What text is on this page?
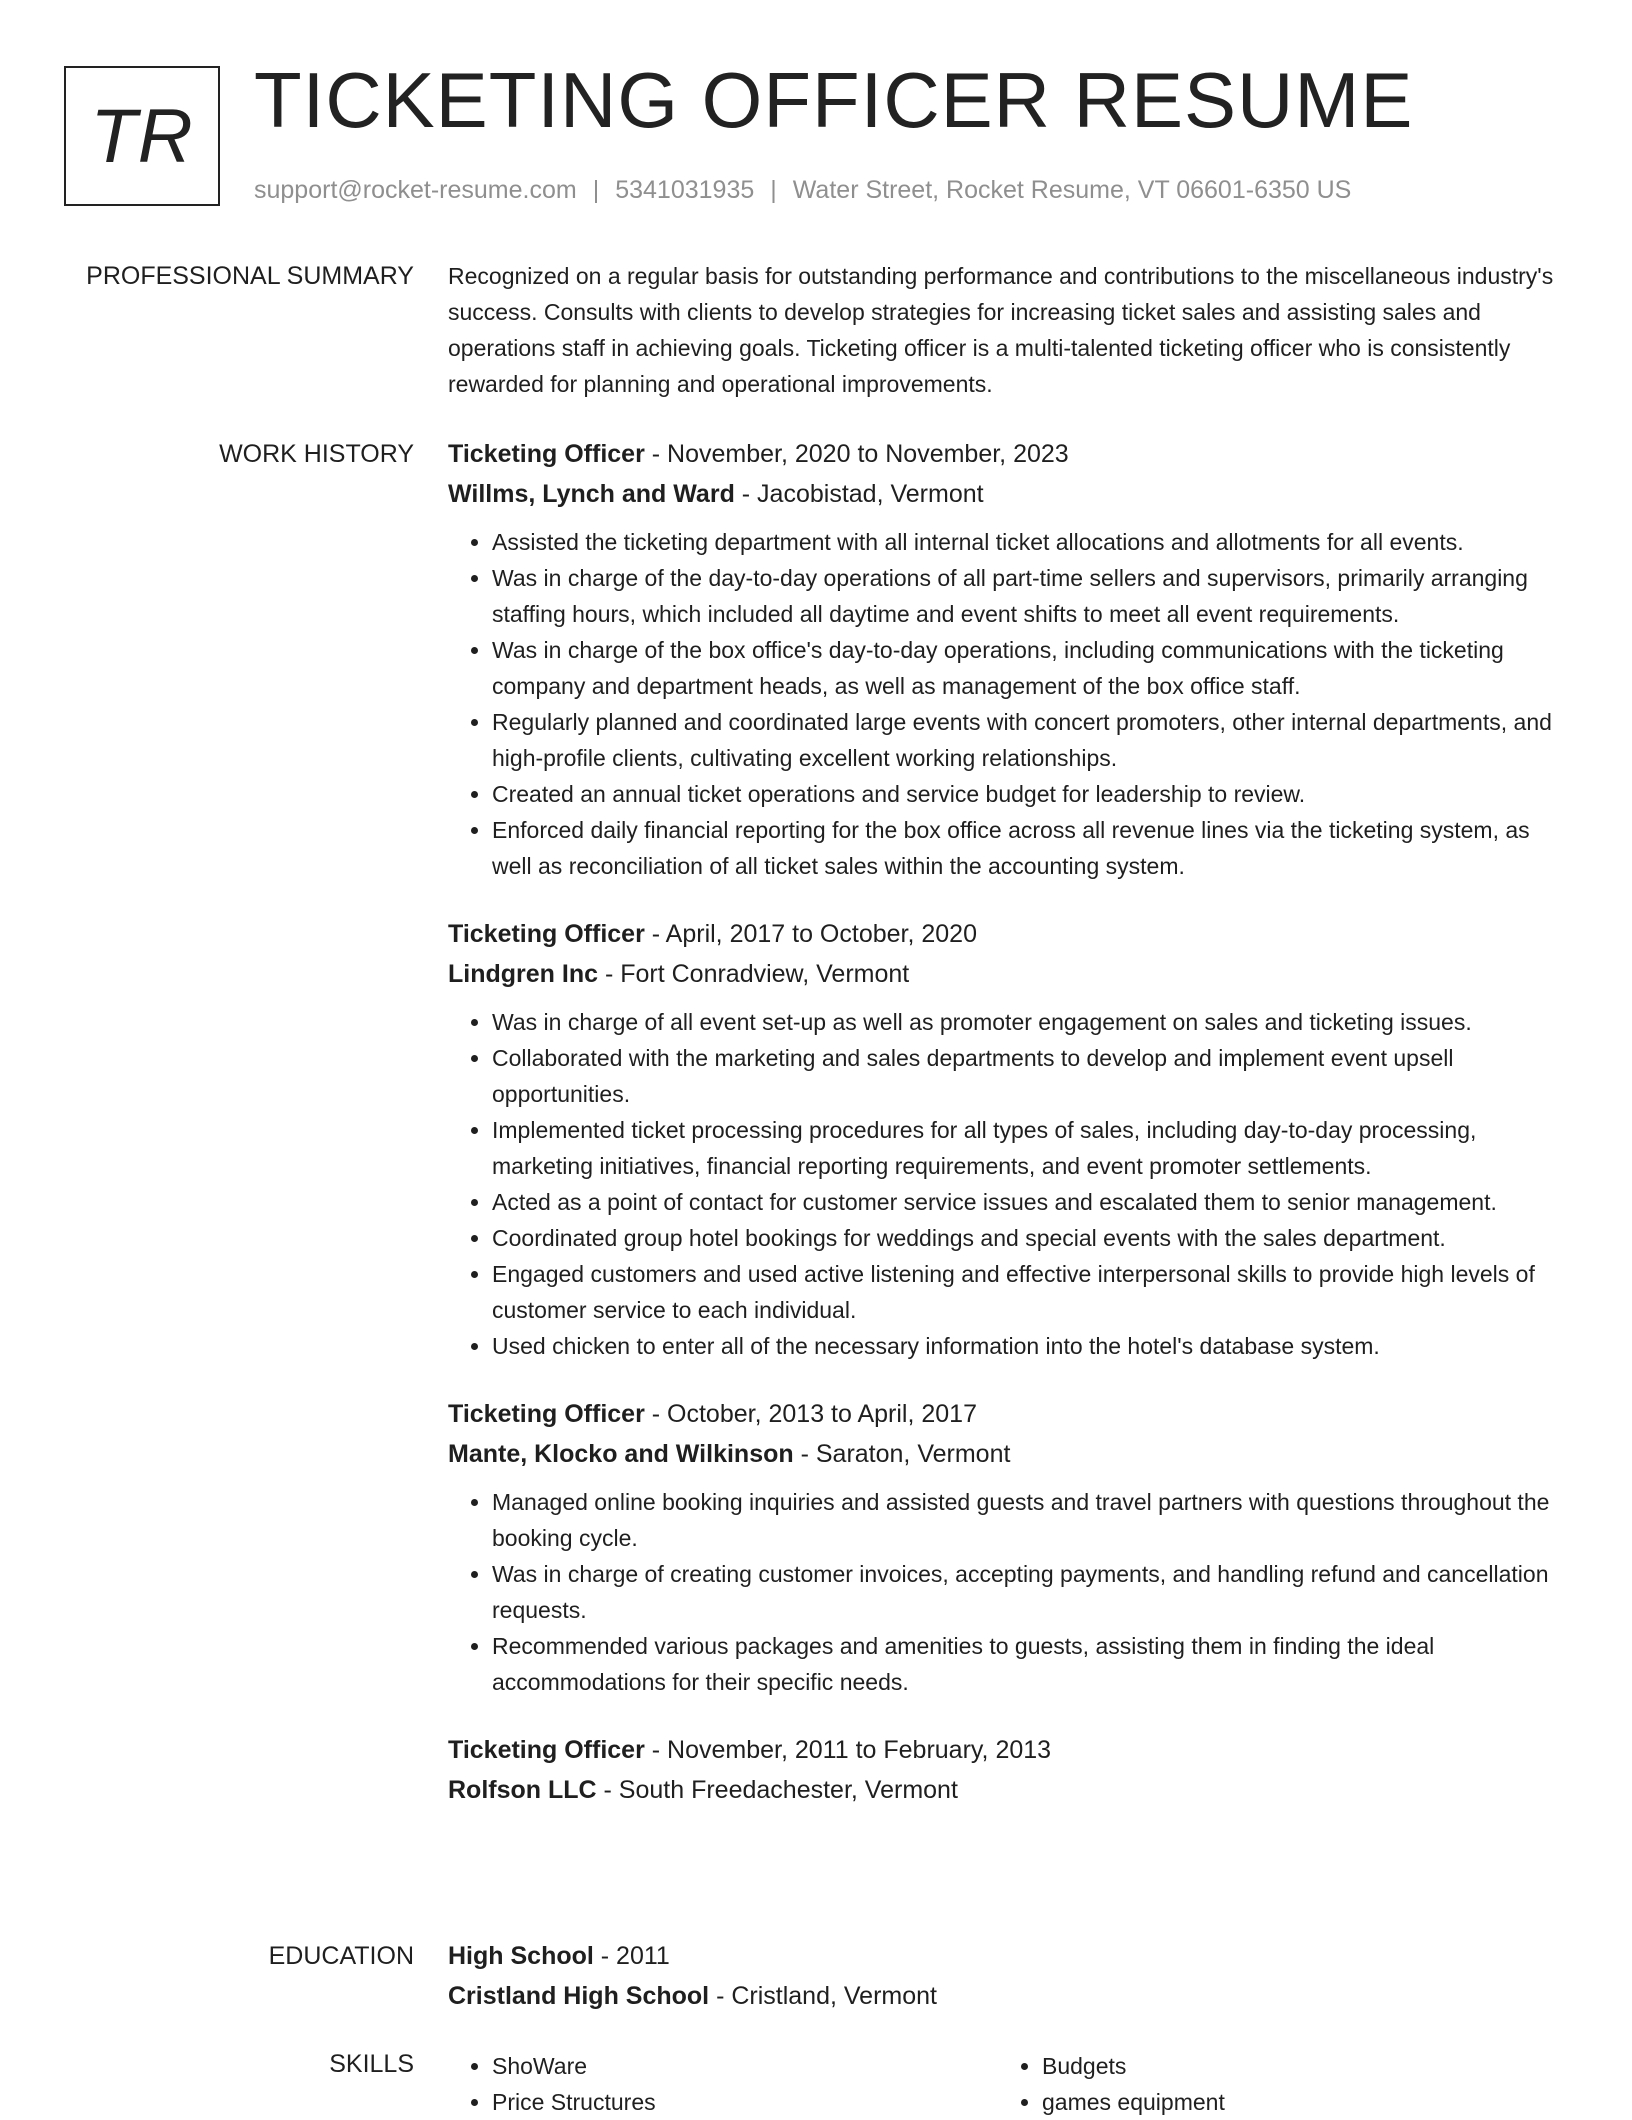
TR TICKETING OFFICER RESUME
support@rocket-resume.com | 5341031935 | Water Street, Rocket Resume, VT 06601-6350 US
PROFESSIONAL SUMMARY Recognized on a regular basis for outstanding performance and contributions to the miscellaneous industry's success. Consults with clients to develop strategies for increasing ticket sales and assisting sales and operations staff in achieving goals. Ticketing officer is a multi-talented ticketing officer who is consistently rewarded for planning and operational improvements.

WORK HISTORY Ticketing Officer - November, 2020 to November, 2023
Willms, Lynch and Ward - Jacobistad, Vermont
• Assisted the ticketing department with all internal ticket allocations and allotments for all events.
• Was in charge of the day-to-day operations of all part-time sellers and supervisors, primarily arranging staffing hours, which included all daytime and event shifts to meet all event requirements.
• Was in charge of the box office's day-to-day operations, including communications with the ticketing company and department heads, as well as management of the box office staff.
• Regularly planned and coordinated large events with concert promoters, other internal departments, and high-profile clients, cultivating excellent working relationships.
• Created an annual ticket operations and service budget for leadership to review.
• Enforced daily financial reporting for the box office across all revenue lines via the ticketing system, as well as reconciliation of all ticket sales within the accounting system.
Ticketing Officer - April, 2017 to October, 2020
Lindgren Inc - Fort Conradview, Vermont
• Was in charge of all event set-up as well as promoter engagement on sales and ticketing issues.
• Collaborated with the marketing and sales departments to develop and implement event upsell opportunities.
• Implemented ticket processing procedures for all types of sales, including day-to-day processing, marketing initiatives, financial reporting requirements, and event promoter settlements.
• Acted as a point of contact for customer service issues and escalated them to senior management.
• Coordinated group hotel bookings for weddings and special events with the sales department.
• Engaged customers and used active listening and effective interpersonal skills to provide high levels of customer service to each individual.
• Used chicken to enter all of the necessary information into the hotel's database system.
Ticketing Officer - October, 2013 to April, 2017
Mante, Klocko and Wilkinson - Saraton, Vermont
• Managed online booking inquiries and assisted guests and travel partners with questions throughout the booking cycle.
• Was in charge of creating customer invoices, accepting payments, and handling refund and cancellation requests.
• Recommended various packages and amenities to guests, assisting them in finding the ideal accommodations for their specific needs.
Ticketing Officer - November, 2011 to February, 2013
Rolfson LLC - South Freedachester, Vermont
EDUCATION High School - 2011
Cristland High School - Cristland, Vermont
SKILLS
•	ShoWare
• Price Structures
• Budgets
• games equipment
